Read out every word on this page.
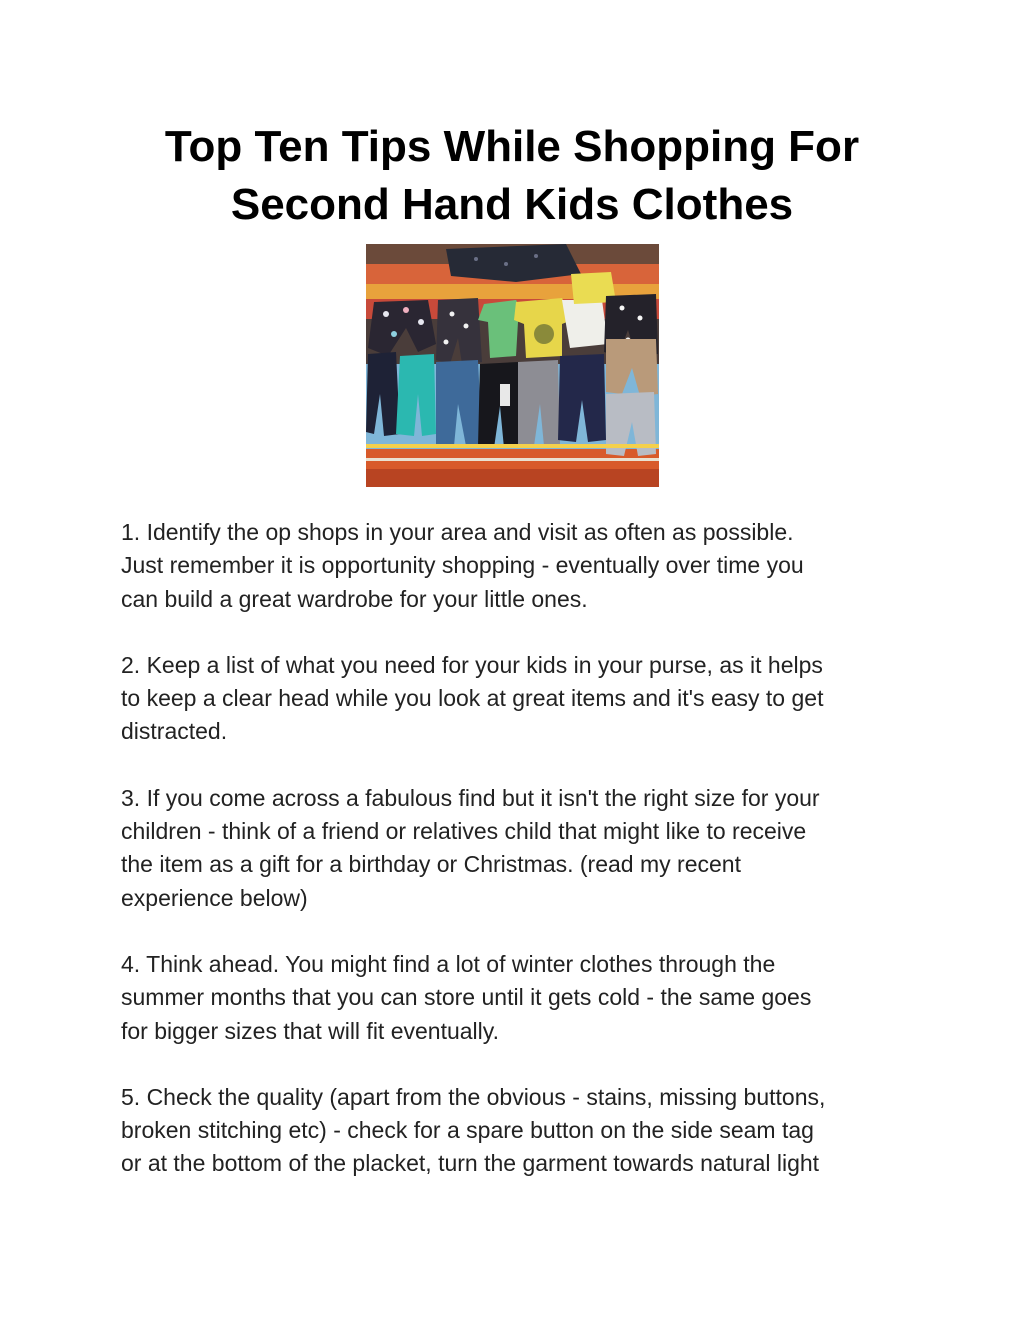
Top Ten Tips While Shopping For
Second Hand Kids Clothes
1. Identify the op shops in your area and visit as often as possible.
Just remember it is opportunity shopping - eventually over time you
can build a great wardrobe for your little ones.
2. Keep a list of what you need for your kids in your purse, as it helps
to keep a clear head while you look at great items and it's easy to get
distracted.
3. If you come across a fabulous find but it isn't the right size for your
children - think of a friend or relatives child that might like to receive
the item as a gift for a birthday or Christmas. (read my recent
experience below)
4. Think ahead. You might find a lot of winter clothes through the
summer months that you can store until it gets cold - the same goes
for bigger sizes that will fit eventually.
5. Check the quality (apart from the obvious - stains, missing buttons,
broken stitching etc) - check for a spare button on the side seam tag
or at the bottom of the placket, turn the garment towards natural light
